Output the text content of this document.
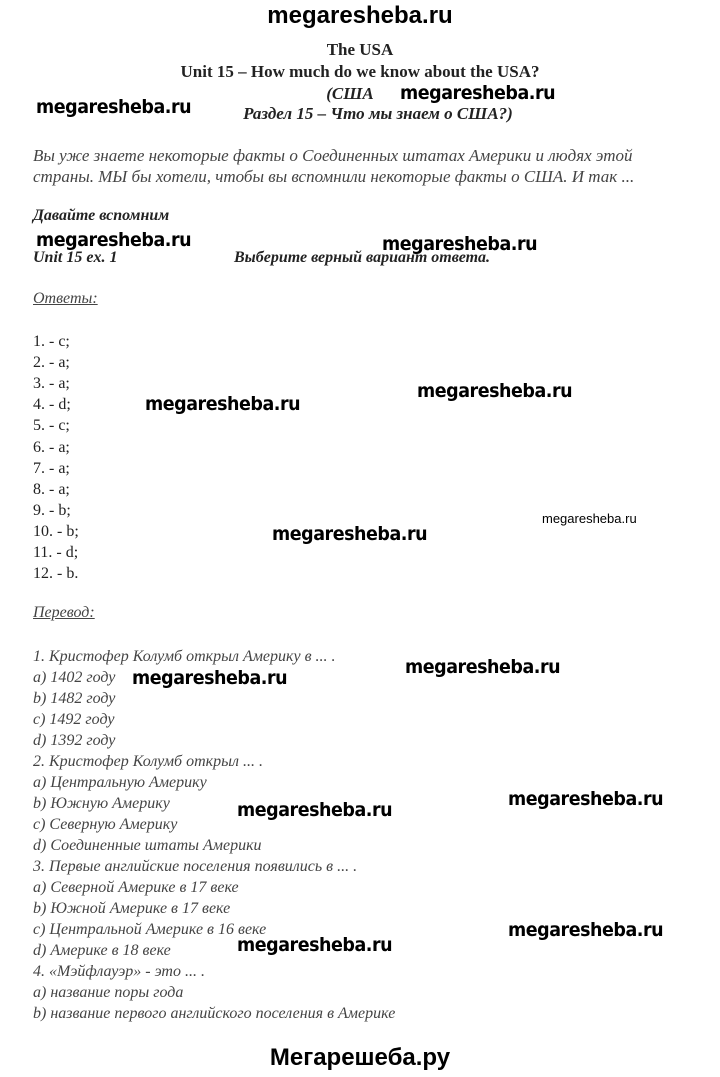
megaresheba.ru
The USA
Unit 15 – How much do we know about the USA?
(США
Раздел 15 – Что мы знаем о США?)
Вы уже знаете некоторые факты о Соединенных штатах Америки и людях этой
страны. МЫ бы хотели, чтобы вы вспомнили некоторые факты о США. И так ...
Давайте вспомним
Unit 15 ex. 1	Выберите верный вариант ответа.
Ответы:
1. - c;
2. - a;
3. - a;
4. - d;
5. - c;
6. - a;
7. - a;
8. - a;
9. - b;
10. - b;
11. - d;
12. - b.
Перевод:
1. Кристофер Колумб открыл Америку в ... .
a) 1402 году
b) 1482 году
c) 1492 году
d) 1392 году
2. Кристофер Колумб открыл ... .
a) Центральную Америку
b) Южную Америку
c) Северную Америку
d) Соединенные штаты Америки
3. Первые английские поселения появились в ... .
a) Северной Америке в 17 веке
b) Южной Америке в 17 веке
c) Центральной Америке в 16 веке
d) Америке в 18 веке
4. «Мэйфлауэр» - это ... .
a) название поры года
b) название первого английского поселения в Америке
megaresheba.ru
megaresheba.ru
megaresheba.ru	megaresheba.ru
megaresheba.ru
megaresheba.ru
megaresheba.ru
megaresheba.ru
megaresheba.ru
megaresheba.ru
megaresheba.ru
megaresheba.ru
megaresheba.ru
megaresheba.ru
Мегарешеба.ру
